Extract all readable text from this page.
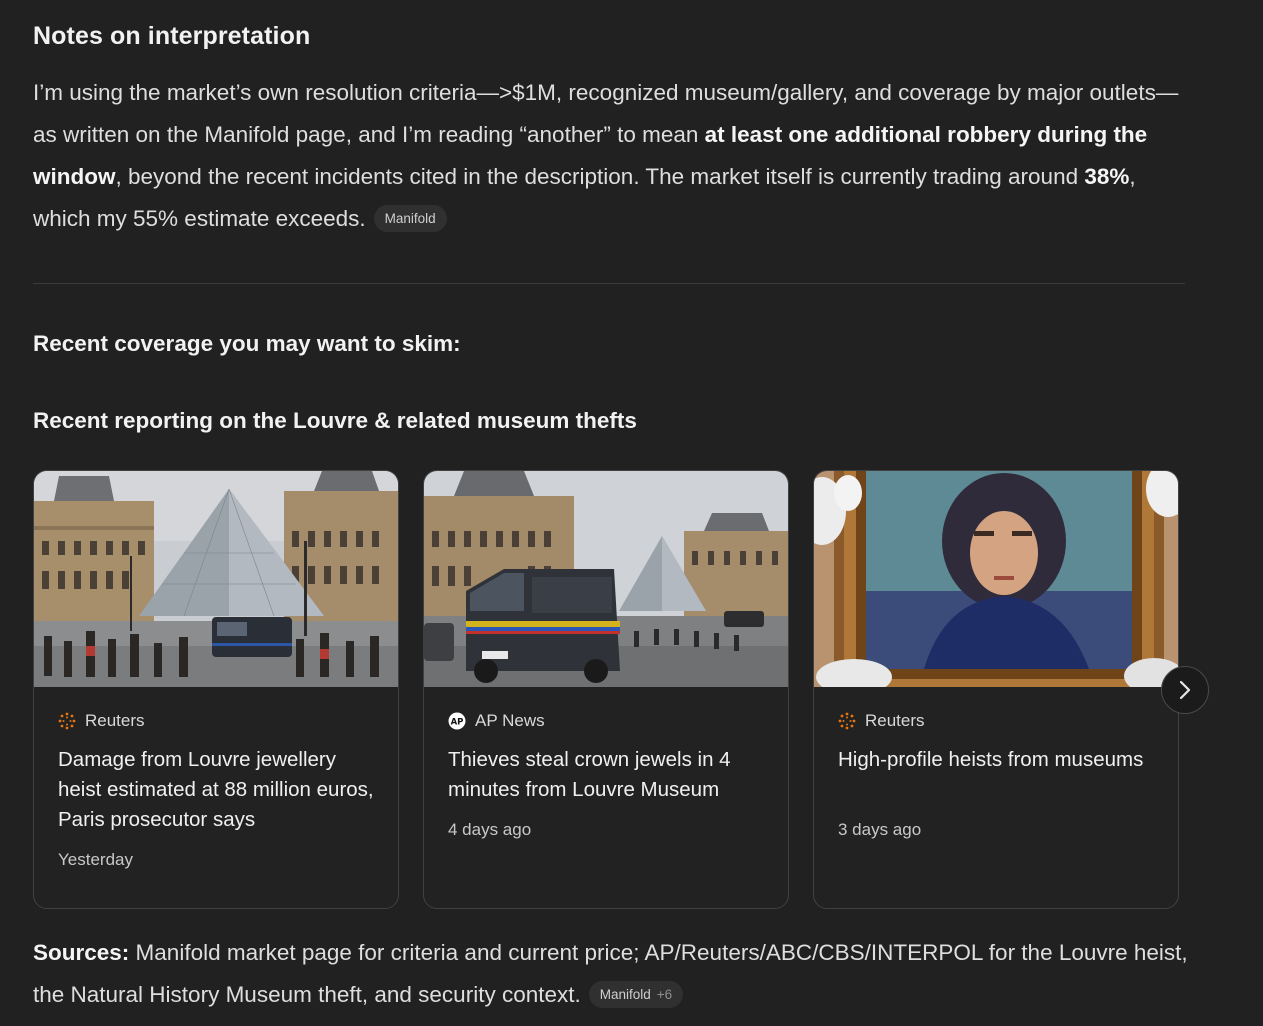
Notes on interpretation

I’m using the market’s own resolution criteria—>$1M, recognized museum/gallery, and coverage by major outlets—as written on the Manifold page, and I’m reading “another” to mean at least one additional robbery during the window, beyond the recent incidents cited in the description. The market itself is currently trading around 38%, which my 55% estimate exceeds. Manifold

Recent coverage you may want to skim:
Recent reporting on the Louvre & related museum thefts
Reuters
Damage from Louvre jewellery heist estimated at 88 million euros, Paris prosecutor says
Yesterday
AP AP News
Thieves steal crown jewels in 4 minutes from Louvre Museum
4 days ago
Reuters
High-profile heists from museums
3 days ago

Sources: Manifold market page for criteria and current price; AP/Reuters/ABC/CBS/INTERPOL for the Louvre heist, the Natural History Museum theft, and security context. Manifold +6
